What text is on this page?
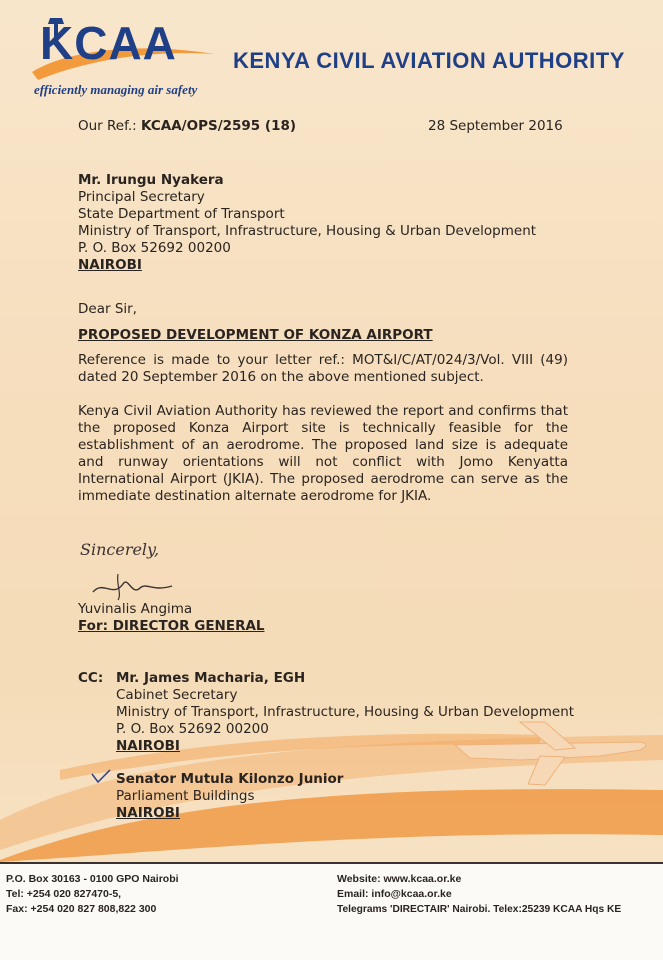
KCAA
efficiently managing air safety
KENYA CIVIL AVIATION AUTHORITY
Our Ref.: KCAA/OPS/2595 (18)	28 September 2016
Mr. Irungu Nyakera
Principal Secretary
State Department of Transport
Ministry of Transport, Infrastructure, Housing & Urban Development
P. O. Box 52692 00200
NAIROBI
Dear Sir,
PROPOSED DEVELOPMENT OF KONZA AIRPORT
Reference is made to your letter ref.: MOT&I/C/AT/024/3/Vol. VIII (49) dated 20 September 2016 on the above mentioned subject.
Kenya Civil Aviation Authority has reviewed the report and confirms that the proposed Konza Airport site is technically feasible for the establishment of an aerodrome. The proposed land size is adequate and runway orientations will not conflict with Jomo Kenyatta International Airport (JKIA). The proposed aerodrome can serve as the immediate destination alternate aerodrome for JKIA.
Sincerely,
Yuvinalis Angima
For: DIRECTOR GENERAL
CC: Mr. James Macharia, EGH
Cabinet Secretary
Ministry of Transport, Infrastructure, Housing & Urban Development
P. O. Box 52692 00200
NAIROBI
Senator Mutula Kilonzo Junior
Parliament Buildings
NAIROBI
P.O. Box 30163 - 0100 GPO Nairobi
Tel: +254 020 827470-5,
Fax: +254 020 827 808,822 300
Website: www.kcaa.or.ke
Email: info@kcaa.or.ke
Telegrams 'DIRECTAIR' Nairobi. Telex:25239 KCAA Hqs KE
